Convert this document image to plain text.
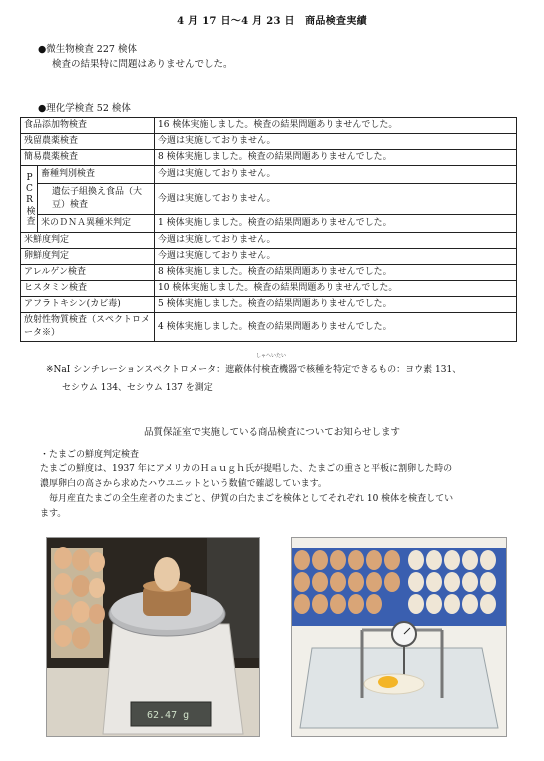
4 月 17 日～4 月 23 日　商品検査実績
●微生物検査 227 検体
検査の結果特に問題はありませんでした。
●理化学検査 52 検体
食品添加物検査		16 検体実施しました。検査の結果問題ありませんでした。
残留農薬検査		今週は実施しておりません。
簡易農薬検査		8 検体実施しました。検査の結果問題ありませんでした。
PCR検査	畜種判別検査	今週は実施しておりません。
	遺伝子組換え食品（大豆）検査	今週は実施しておりません。
	米のＤＮＡ異種米判定	1 検体実施しました。検査の結果問題ありませんでした。
米鮮度判定		今週は実施しておりません。
卵鮮度判定		今週は実施しておりません。
アレルゲン検査		8 検体実施しました。検査の結果問題ありませんでした。
ヒスタミン検査		10 検体実施しました。検査の結果問題ありませんでした。
アフラトキシン(カビ毒)		5 検体実施しました。検査の結果問題ありませんでした。
放射性物質検査（スペクトロメータ※）		4 検体実施しました。検査の結果問題ありませんでした。
しゃへいたい
※NaI シンチレーションスペクトロメータ：遮蔽体付検査機器で核種を特定できるもの：ヨウ素 131、
セシウム 134、セシウム 137 を測定
品質保証室で実施している商品検査についてお知らせします
・たまごの鮮度判定検査
たまごの鮮度は、1937 年にアメリカのＨａｕｇｈ氏が提唱した、たまごの重さと平板に割卵した時の
濃厚卵白の高さから求めたハウユニットという数値で確認しています。
　毎月産直たまごの全生産者のたまごと、伊賀の白たまごを検体としてそれぞれ 10 検体を検査してい
ます。
62.47 g
